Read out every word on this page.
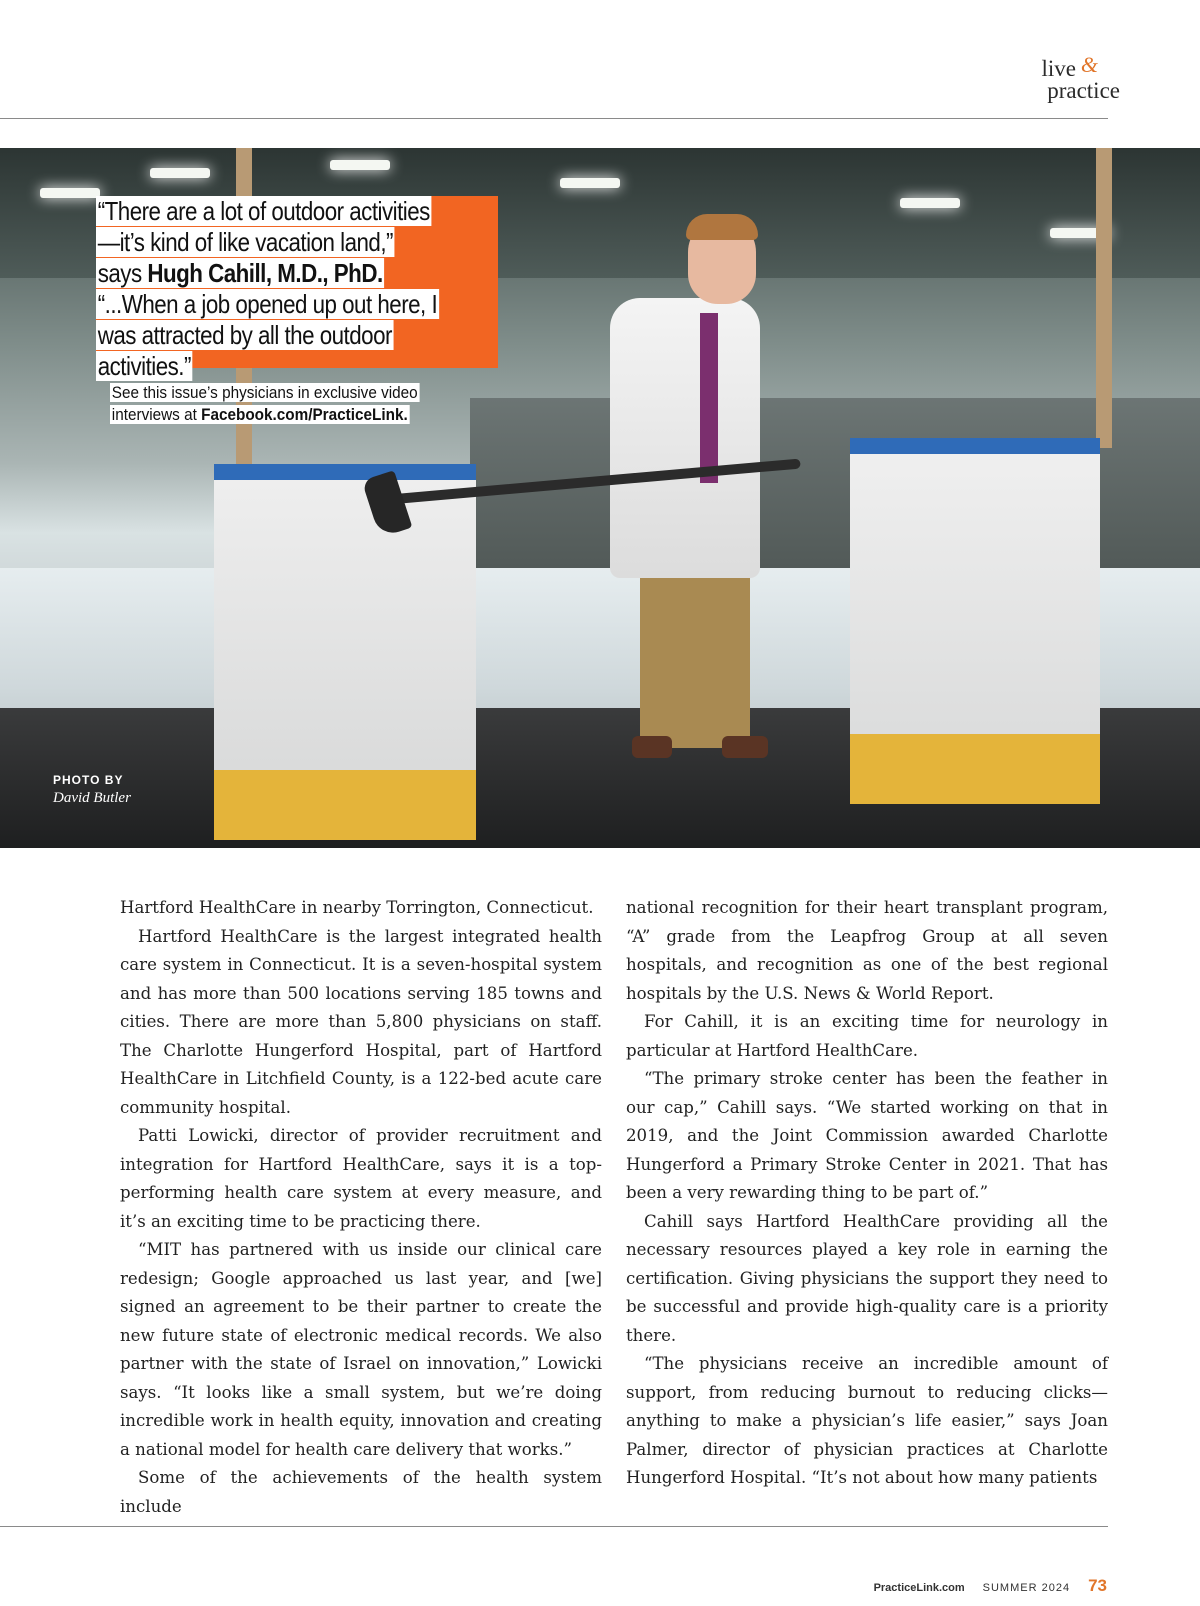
live &
practice
“There are a lot of outdoor activities—it’s kind of like vacation land,” says Hugh Cahill, M.D., PhD. “...When a job opened up out here, I was attracted by all the outdoor activities.”
See this issue’s physicians in exclusive video interviews at Facebook.com/PracticeLink.
PHOTO BY
David Butler

Hartford HealthCare in nearby Torrington, Connecticut.

Hartford HealthCare is the largest integrated health care system in Connecticut. It is a seven-hospital system and has more than 500 locations serving 185 towns and cities. There are more than 5,800 physicians on staff. The Charlotte Hungerford Hospital, part of Hartford HealthCare in Litchfield County, is a 122-bed acute care community hospital.

Patti Lowicki, director of provider recruitment and integration for Hartford HealthCare, says it is a top-performing health care system at every measure, and it’s an exciting time to be practicing there.

“MIT has partnered with us inside our clinical care redesign; Google approached us last year, and [we] signed an agreement to be their partner to create the new future state of electronic medical records. We also partner with the state of Israel on innovation,” Lowicki says. “It looks like a small system, but we’re doing incredible work in health equity, innovation and creating a national model for health care delivery that works.”

Some of the achievements of the health system include

national recognition for their heart transplant program, “A” grade from the Leapfrog Group at all seven hospitals, and recognition as one of the best regional hospitals by the U.S. News & World Report.

For Cahill, it is an exciting time for neurology in particular at Hartford HealthCare.

“The primary stroke center has been the feather in our cap,” Cahill says. “We started working on that in 2019, and the Joint Commission awarded Charlotte Hungerford a Primary Stroke Center in 2021. That has been a very rewarding thing to be part of.”

Cahill says Hartford HealthCare providing all the necessary resources played a key role in earning the certification. Giving physicians the support they need to be successful and provide high-quality care is a priority there.

“The physicians receive an incredible amount of support, from reducing burnout to reducing clicks—anything to make a physician’s life easier,” says Joan Palmer, director of physician practices at Charlotte Hungerford Hospital. “It’s not about how many patients

PracticeLink.com SUMMER 2024 73
